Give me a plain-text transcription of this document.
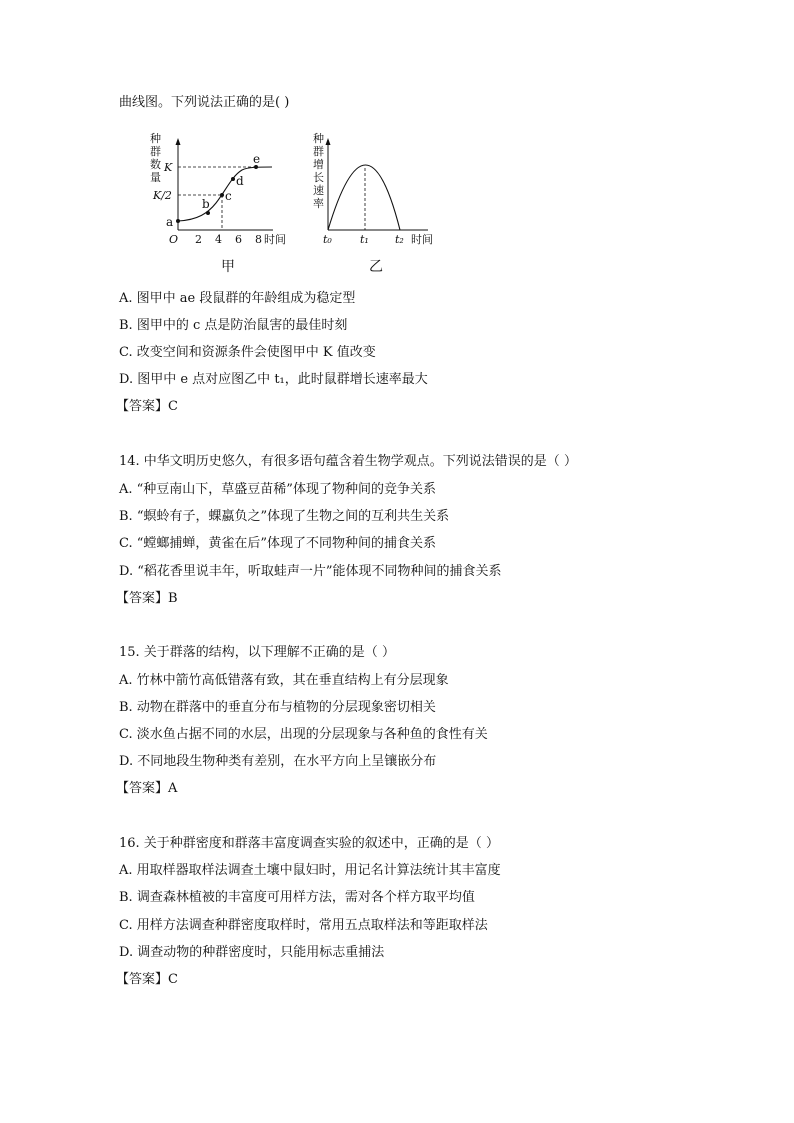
曲线图。下列说法正确的是( )
种
群
数
量
K
K/2
a
b
c
d
e
O 2 4 6 8 时间
种
群
增
长
速
率
t₀	t₁ t₂ 时间
甲	乙
A. 图甲中 ae 段鼠群的年龄组成为稳定型
B. 图甲中的 c 点是防治鼠害的最佳时刻
C. 改变空间和资源条件会使图甲中 K 值改变
D. 图甲中 e 点对应图乙中 t₁，此时鼠群增长速率最大
【答案】C
14. 中华文明历史悠久，有很多语句蕴含着生物学观点。下列说法错误的是（ ）
A. “种豆南山下，草盛豆苗稀”体现了物种间的竞争关系
B. “螟蛉有子，蜾蠃负之”体现了生物之间的互利共生关系
C. “螳螂捕蝉，黄雀在后”体现了不同物种间的捕食关系
D. “稻花香里说丰年，听取蛙声一片”能体现不同物种间的捕食关系
【答案】B
15. 关于群落的结构，以下理解不正确的是（ ）
A. 竹林中箭竹高低错落有致，其在垂直结构上有分层现象
B. 动物在群落中的垂直分布与植物的分层现象密切相关
C. 淡水鱼占据不同的水层，出现的分层现象与各种鱼的食性有关
D. 不同地段生物种类有差别，在水平方向上呈镶嵌分布
【答案】A
16. 关于种群密度和群落丰富度调查实验的叙述中，正确的是（ ）
A. 用取样器取样法调查土壤中鼠妇时，用记名计算法统计其丰富度
B. 调查森林植被的丰富度可用样方法，需对各个样方取平均值
C. 用样方法调查种群密度取样时，常用五点取样法和等距取样法
D. 调查动物的种群密度时，只能用标志重捕法
【答案】C
